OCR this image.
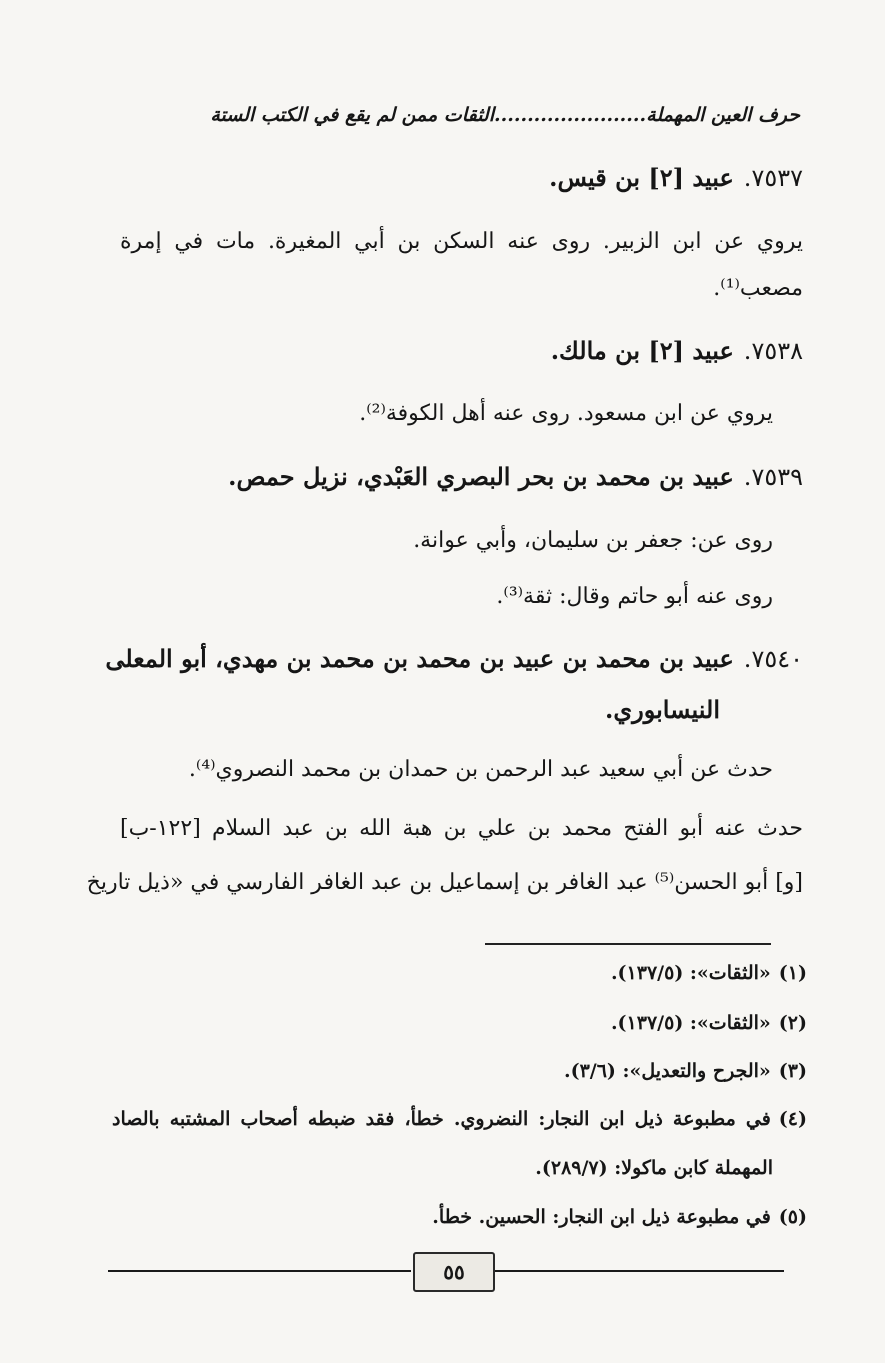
حرف العين المهملة.......................الثقات ممن لم يقع في الكتب الستة
٧٥٣٧.عبيد [٢] بن قيس.
يروي عن ابن الزبير. روى عنه السكن بن أبي المغيرة. مات في إمرة
مصعب⁽¹⁾.
٧٥٣٨.عبيد [٢] بن مالك.
يروي عن ابن مسعود. روى عنه أهل الكوفة⁽²⁾.
٧٥٣٩.عبيد بن محمد بن بحر البصري العَبْدي، نزيل حمص.
روى عن: جعفر بن سليمان، وأبي عوانة.
روى عنه أبو حاتم وقال: ثقة⁽³⁾.
٧٥٤٠.عبيد بن محمد بن عبيد بن محمد بن محمد بن مهدي، أبو المعلى
النيسابوري.
حدث عن أبي سعيد عبد الرحمن بن حمدان بن محمد النصروي⁽⁴⁾.
حدث عنه أبو الفتح محمد بن علي بن هبة الله بن عبد السلام [١٢٢-ب]
[و] أبو الحسن⁽⁵⁾ عبد الغافر بن إسماعيل بن عبد الغافر الفارسي في «ذيل تاريخ
(١)«الثقات»: (١٣٧/٥).
(٢)«الثقات»: (١٣٧/٥).
(٣)«الجرح والتعديل»: (٣/٦).
(٤)في مطبوعة ذيل ابن النجار: النضروي. خطأ، فقد ضبطه أصحاب المشتبه بالصاد
المهملة كابن ماكولا: (٢٨٩/٧).
(٥)في مطبوعة ذيل ابن النجار: الحسين. خطأ.
٥٥
